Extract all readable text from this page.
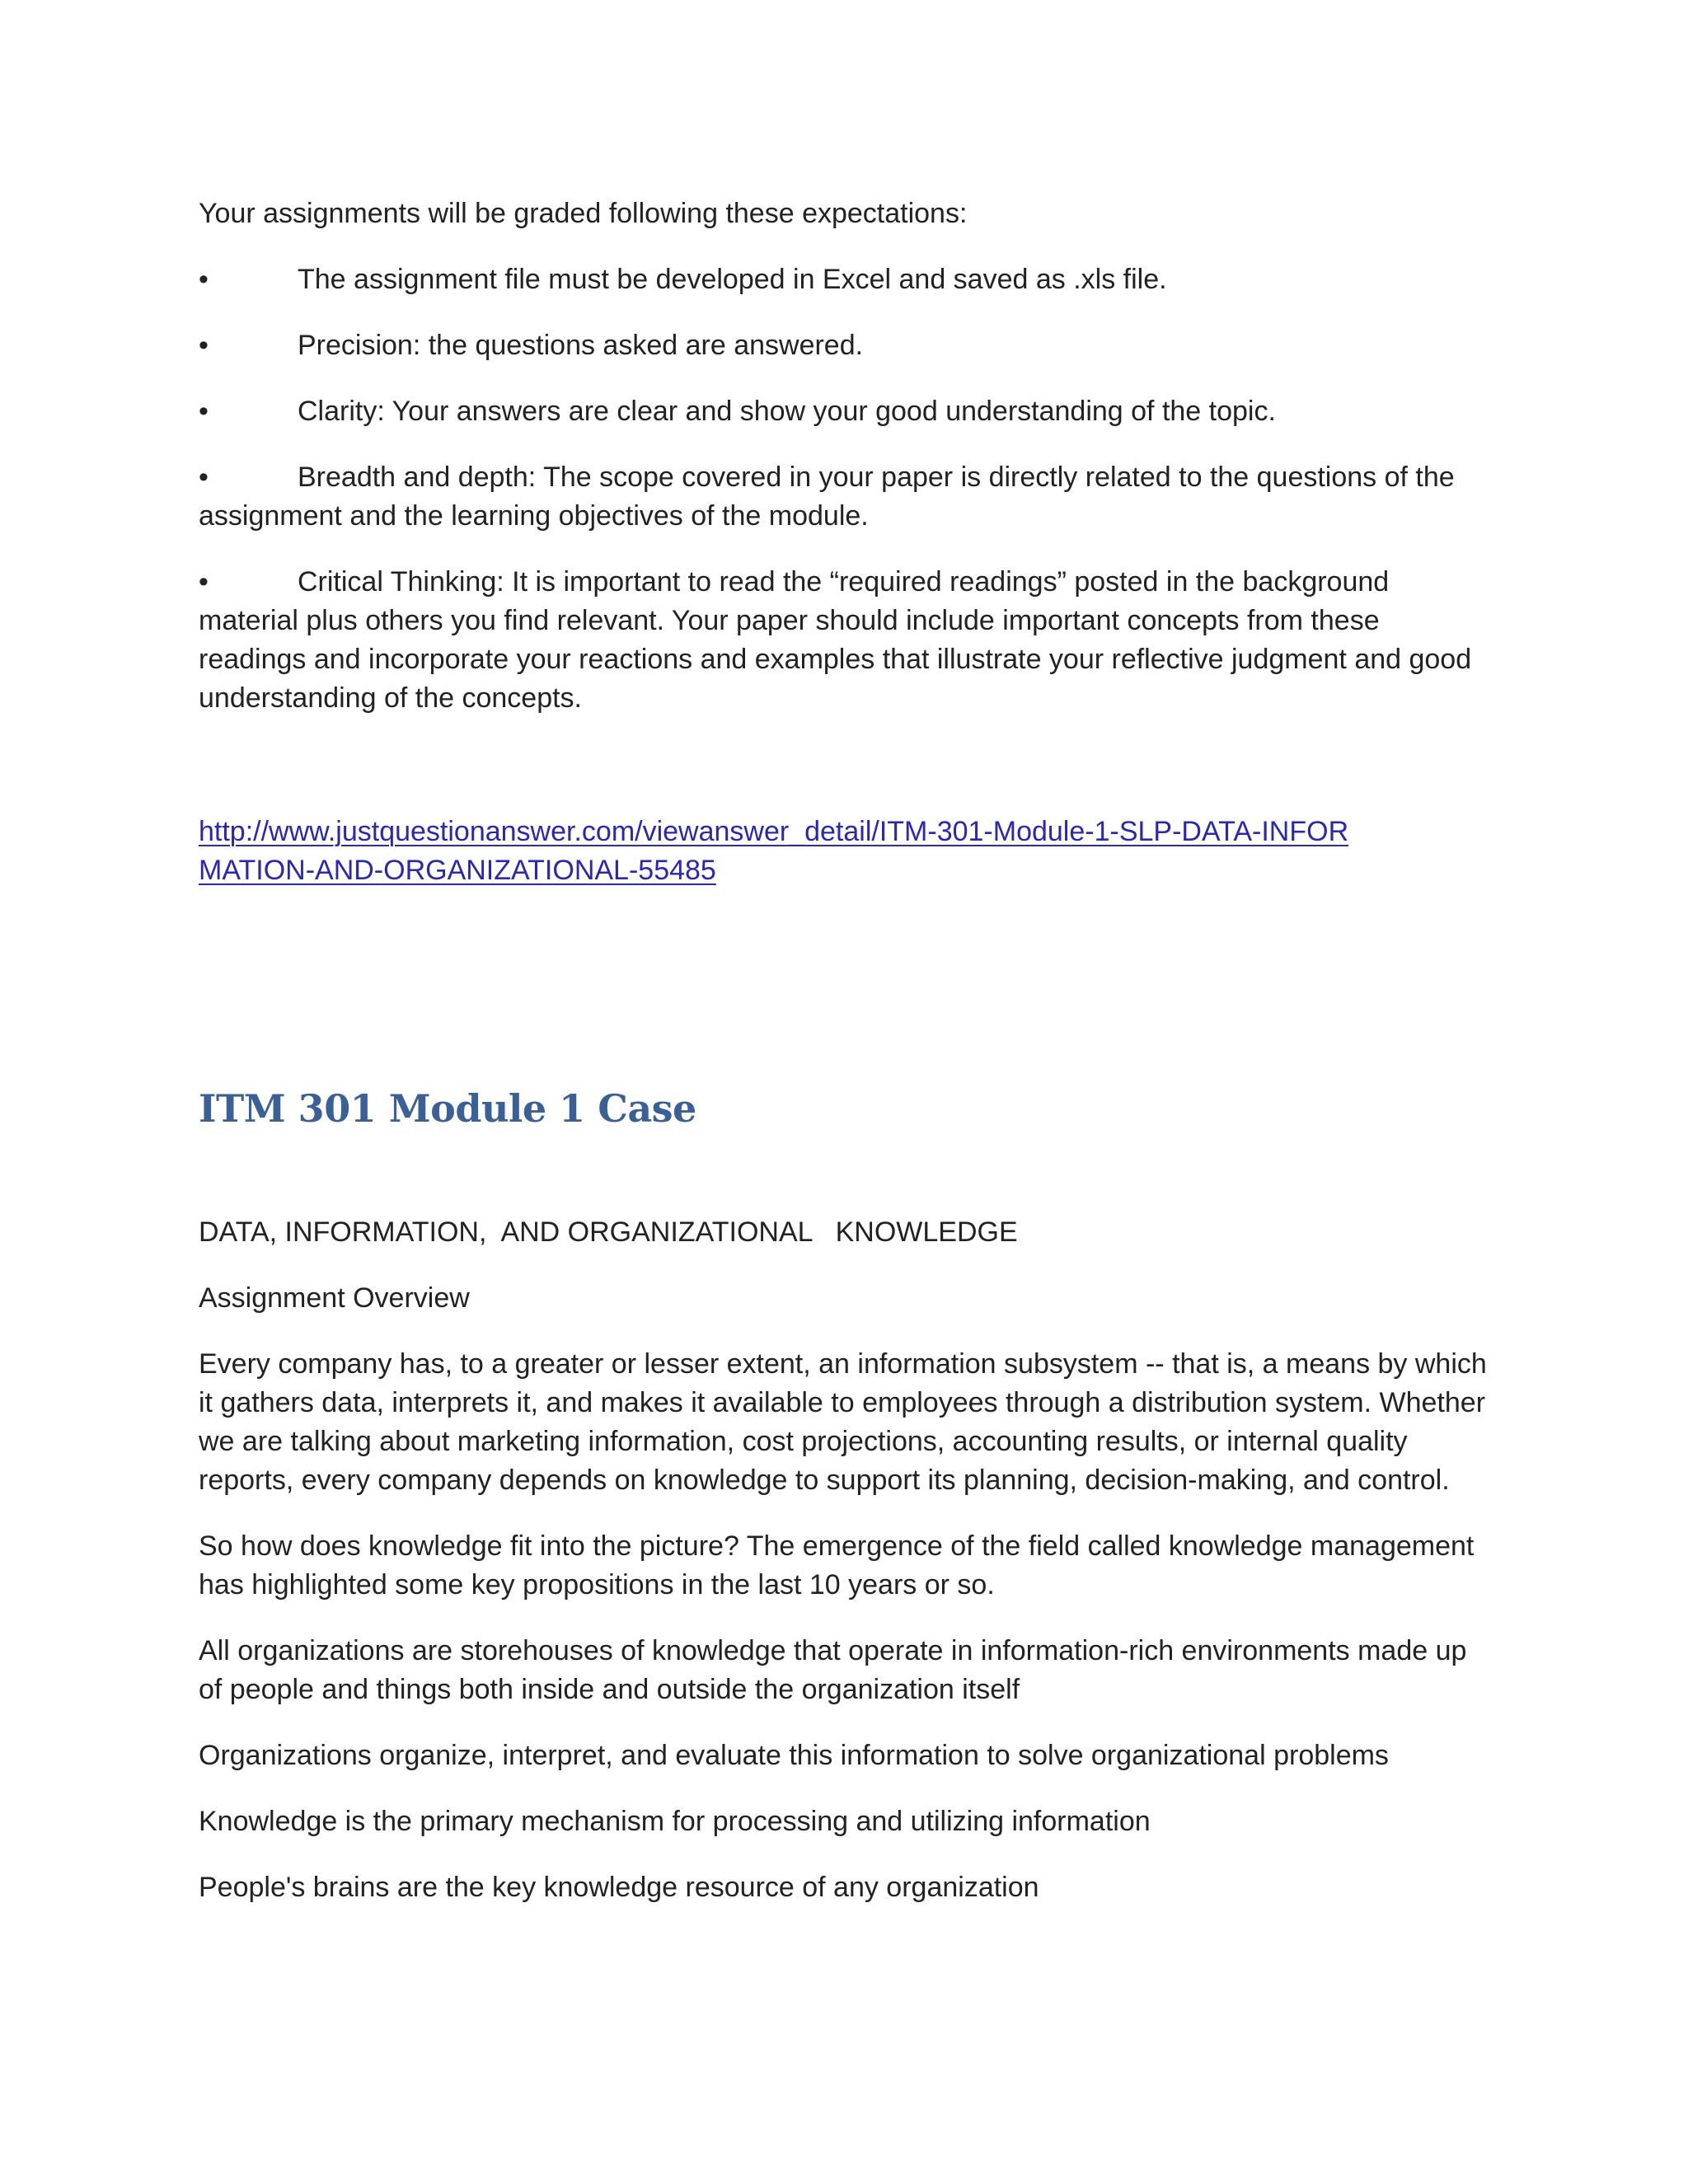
Your assignments will be graded following these expectations:

•	The assignment file must be developed in Excel and saved as .xls file.
•	Precision: the questions asked are answered.
•	Clarity: Your answers are clear and show your good understanding of the topic.
•	Breadth and depth: The scope covered in your paper is directly related to the questions of the assignment and the learning objectives of the module.
•	Critical Thinking: It is important to read the “required readings” posted in the background material plus others you find relevant. Your paper should include important concepts from these readings and incorporate your reactions and examples that illustrate your reflective judgment and good understanding of the concepts.
http://www.justquestionanswer.com/viewanswer_detail/ITM-301-Module-1-SLP-DATA-INFORMATION-AND-ORGANIZATIONAL-55485
ITM 301 Module 1 Case

DATA, INFORMATION,  AND ORGANIZATIONAL   KNOWLEDGE

Assignment Overview

Every company has, to a greater or lesser extent, an information subsystem -- that is, a means by which it gathers data, interprets it, and makes it available to employees through a distribution system. Whether we are talking about marketing information, cost projections, accounting results, or internal quality reports, every company depends on knowledge to support its planning, decision-making, and control.

So how does knowledge fit into the picture? The emergence of the field called knowledge management has highlighted some key propositions in the last 10 years or so.

All organizations are storehouses of knowledge that operate in information-rich environments made up of people and things both inside and outside the organization itself

Organizations organize, interpret, and evaluate this information to solve organizational problems

Knowledge is the primary mechanism for processing and utilizing information

People's brains are the key knowledge resource of any organization
